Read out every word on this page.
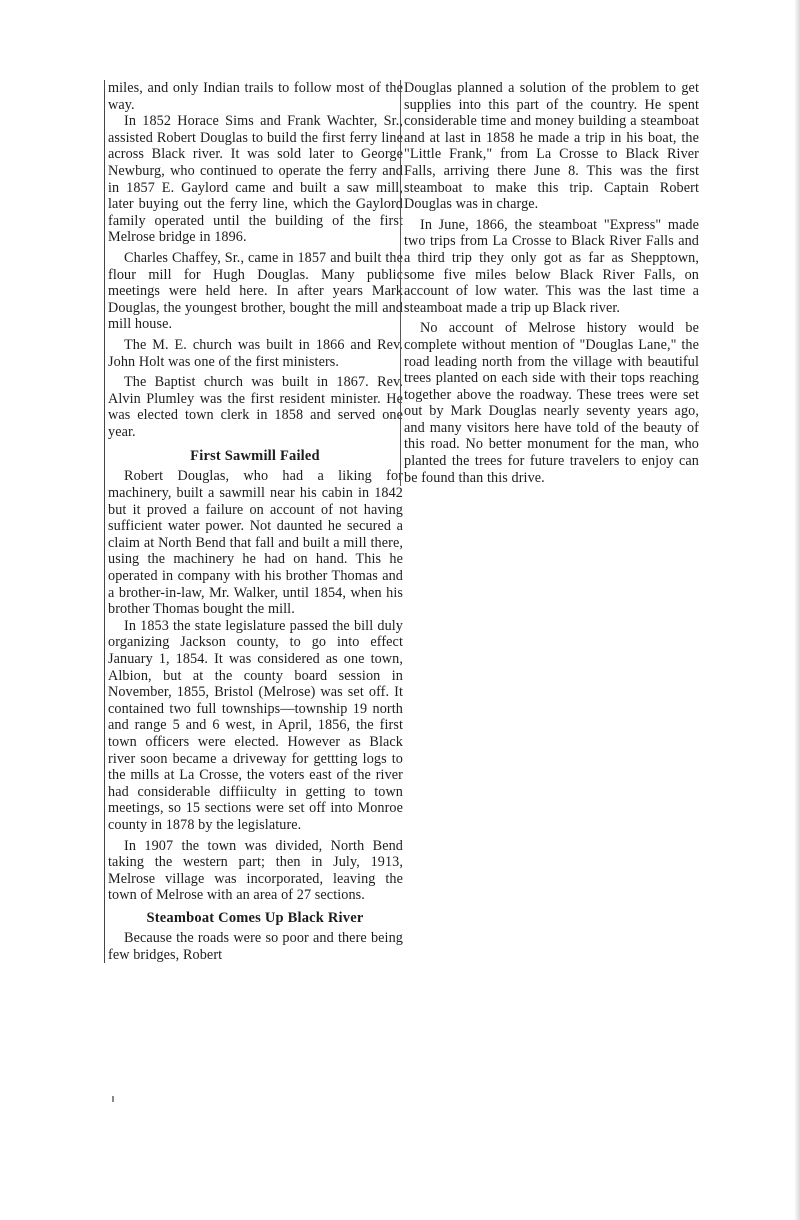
miles, and only Indian trails to follow most of the way.

In 1852 Horace Sims and Frank Wachter, Sr., assisted Robert Douglas to build the first ferry line across Black river. It was sold later to George Newburg, who continued to operate the ferry and in 1857 E. Gaylord came and built a saw mill, later buying out the ferry line, which the Gaylord family operated until the building of the first Melrose bridge in 1896.

Charles Chaffey, Sr., came in 1857 and built the flour mill for Hugh Douglas. Many public meetings were held here. In after years Mark Douglas, the youngest brother, bought the mill and mill house.

The M. E. church was built in 1866 and Rev. John Holt was one of the first ministers.

The Baptist church was built in 1867. Rev. Alvin Plumley was the first resident minister. He was elected town clerk in 1858 and served one year.

First Sawmill Failed

Robert Douglas, who had a liking for machinery, built a sawmill near his cabin in 1842 but it proved a failure on account of not having sufficient water power. Not daunted he secured a claim at North Bend that fall and built a mill there, using the machinery he had on hand. This he operated in company with his brother Thomas and a brother-in-law, Mr. Walker, until 1854, when his brother Thomas bought the mill.

In 1853 the state legislature passed the bill duly organizing Jackson county, to go into effect January 1, 1854. It was considered as one town, Albion, but at the county board session in November, 1855, Bristol (Melrose) was set off. It contained two full townships—township 19 north and range 5 and 6 west, in April, 1856, the first town officers were elected. However as Black river soon became a driveway for gettting logs to the mills at La Crosse, the voters east of the river had considerable diffiiculty in getting to town meetings, so 15 sections were set off into Monroe county in 1878 by the legislature.

In 1907 the town was divided, North Bend taking the western part; then in July, 1913, Melrose village was incorporated, leaving the town of Melrose with an area of 27 sections.

Steamboat Comes Up Black River

Because the roads were so poor and there being few bridges, Robert

Douglas planned a solution of the problem to get supplies into this part of the country. He spent considerable time and money building a steamboat and at last in 1858 he made a trip in his boat, the "Little Frank," from La Crosse to Black River Falls, arriving there June 8. This was the first steamboat to make this trip. Captain Robert Douglas was in charge.

In June, 1866, the steamboat "Express" made two trips from La Crosse to Black River Falls and a third trip they only got as far as Shepptown, some five miles below Black River Falls, on account of low water. This was the last time a steamboat made a trip up Black river.

No account of Melrose history would be complete without mention of "Douglas Lane," the road leading north from the village with beautiful trees planted on each side with their tops reaching together above the roadway. These trees were set out by Mark Douglas nearly seventy years ago, and many visitors here have told of the beauty of this road. No better monument for the man, who planted the trees for future travelers to enjoy can be found than this drive.
